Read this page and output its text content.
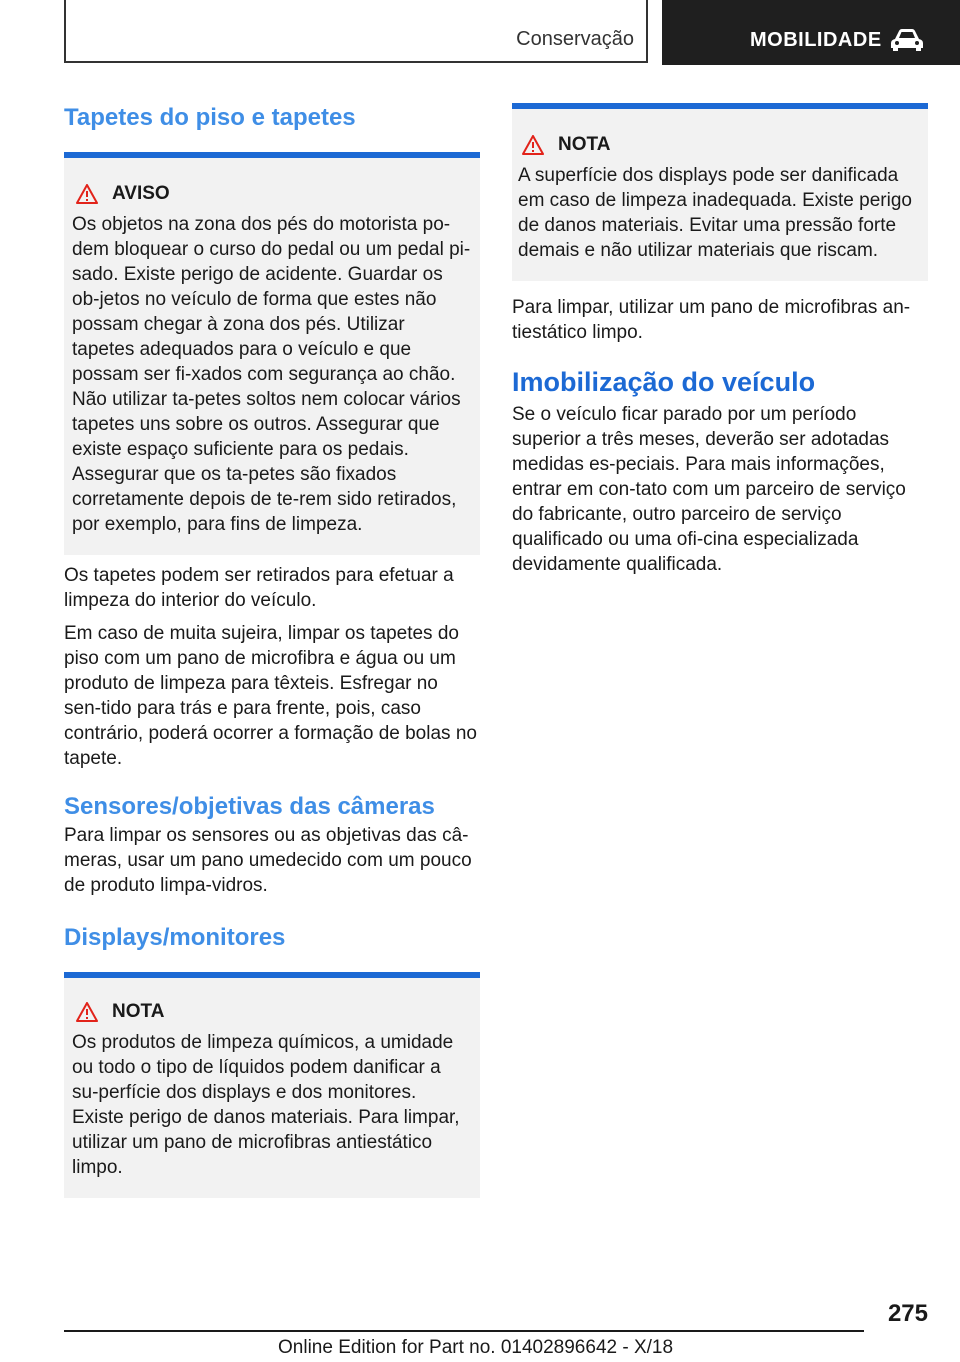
Conservação	MOBILIDADE
Tapetes do piso e tapetes
AVISO

Os objetos na zona dos pés do motorista po-dem bloquear o curso do pedal ou um pedal pi-sado. Existe perigo de acidente. Guardar os ob-jetos no veículo de forma que estes não possam chegar à zona dos pés. Utilizar tapetes adequados para o veículo e que possam ser fi-xados com segurança ao chão. Não utilizar ta-petes soltos nem colocar vários tapetes uns sobre os outros. Assegurar que existe espaço suficiente para os pedais. Assegurar que os ta-petes são fixados corretamente depois de te-rem sido retirados, por exemplo, para fins de limpeza.

Os tapetes podem ser retirados para efetuar a limpeza do interior do veículo.

Em caso de muita sujeira, limpar os tapetes do piso com um pano de microfibra e água ou um produto de limpeza para têxteis. Esfregar no sen-tido para trás e para frente, pois, caso contrário, poderá ocorrer a formação de bolas no tapete.

Sensores/objetivas das câmeras

Para limpar os sensores ou as objetivas das câ-meras, usar um pano umedecido com um pouco de produto limpa-vidros.

Displays/monitores
NOTA

Os produtos de limpeza químicos, a umidade ou todo o tipo de líquidos podem danificar a su-perfície dos displays e dos monitores. Existe perigo de danos materiais. Para limpar, utilizar um pano de microfibras antiestático limpo.

NOTA

A superfície dos displays pode ser danificada em caso de limpeza inadequada. Existe perigo de danos materiais. Evitar uma pressão forte demais e não utilizar materiais que riscam.

Para limpar, utilizar um pano de microfibras an-tiestático limpo.

Imobilização do veículo

Se o veículo ficar parado por um período superior a três meses, deverão ser adotadas medidas es-peciais. Para mais informações, entrar em con-tato com um parceiro de serviço do fabricante, outro parceiro de serviço qualificado ou uma ofi-cina especializada devidamente qualificada.

275
Online Edition for Part no. 01402896642 - X/18
